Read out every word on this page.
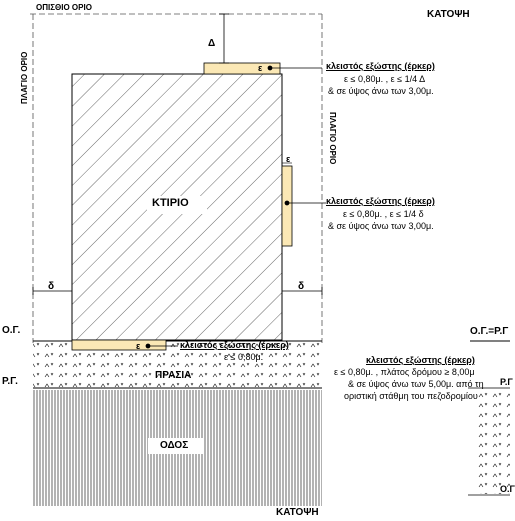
ΟΠΙΣΘΙΟ ΟΡΙΟ
ΚΑΤΟΨΗ
ΚΑΤΟΨΗ
ΠΛΑΓΙΟ ΟΡΙΟ
ΠΛΑΓΙΟ ΟΡΙΟ
ΚΤΙΡΙΟ
ΠΡΑΣΙΑ
ΟΔΟΣ
Ο.Γ.
Ρ.Γ.
Ο.Γ.=Ρ.Γ
Ρ.Γ
Ο.Γ
Δ
δ	δ
ε
ε
ε
κλειστός εξώστης (έρκερ)
ε ≤ 0,80μ. , ε ≤ 1/4 Δ
& σε ύψος άνω των 3,00μ.
κλειστός εξώστης (έρκερ)
ε ≤ 0,80μ. , ε ≤ 1/4 δ
& σε ύψος άνω των 3,00μ.
κλειστός εξώστης (έρκερ)
ε ≤ 0,80μ.	κλειστός εξώστης (έρκερ)
ε ≤ 0,80μ. , πλάτος δρόμου ≥ 8,00μ
& σε ύψος άνω των 5,00μ. από τη
οριστική στάθμη του πεζοδρομίου
